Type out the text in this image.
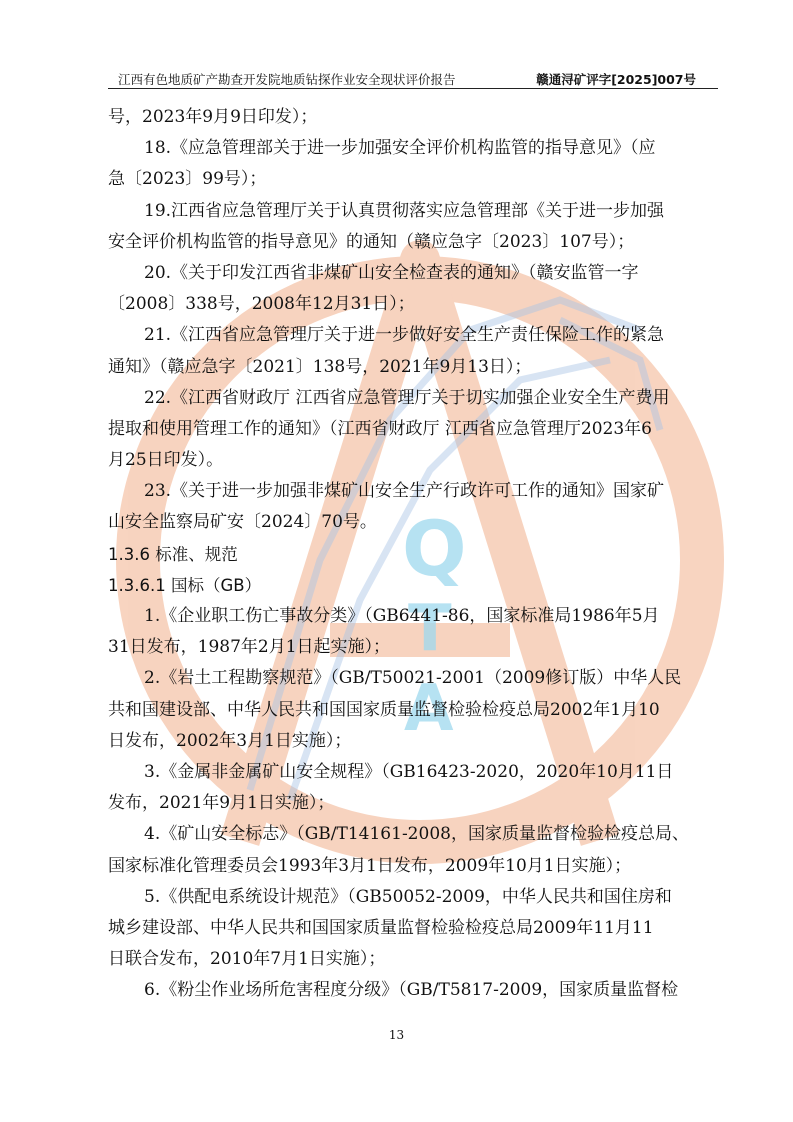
Q
T
A
江西有色地质矿产勘查开发院地质钻探作业安全现状评价报告	赣通浔矿评字[2025]007号
号，2023年9月9日印发）；
18.《应急管理部关于进一步加强安全评价机构监管的指导意见》（应
急〔2023〕99号）；
19.江西省应急管理厅关于认真贯彻落实应急管理部《关于进一步加强
安全评价机构监管的指导意见》的通知（赣应急字〔2023〕107号）；
20.《关于印发江西省非煤矿山安全检查表的通知》（赣安监管一字
〔2008〕338号，2008年12月31日）；
21.《江西省应急管理厅关于进一步做好安全生产责任保险工作的紧急
通知》（赣应急字〔2021〕138号，2021年9月13日）；
22.《江西省财政厅 江西省应急管理厅关于切实加强企业安全生产费用
提取和使用管理工作的通知》（江西省财政厅 江西省应急管理厅2023年6
月25日印发）。
23.《关于进一步加强非煤矿山安全生产行政许可工作的通知》国家矿
山安全监察局矿安〔2024〕70号。
1.3.6 标准、规范
1.3.6.1 国标（GB）
1.《企业职工伤亡事故分类》（GB6441-86，国家标准局1986年5月
31日发布，1987年2月1日起实施）；
2.《岩土工程勘察规范》（GB/T50021-2001（2009修订版）中华人民
共和国建设部、中华人民共和国国家质量监督检验检疫总局2002年1月10
日发布，2002年3月1日实施）；
3.《金属非金属矿山安全规程》（GB16423-2020，2020年10月11日
发布，2021年9月1日实施）；
4.《矿山安全标志》（GB/T14161-2008，国家质量监督检验检疫总局、
国家标准化管理委员会1993年3月1日发布，2009年10月1日实施）；
5.《供配电系统设计规范》（GB50052-2009，中华人民共和国住房和
城乡建设部、中华人民共和国国家质量监督检验检疫总局2009年11月11
日联合发布，2010年7月1日实施）；
6.《粉尘作业场所危害程度分级》（GB/T5817-2009，国家质量监督检
13
